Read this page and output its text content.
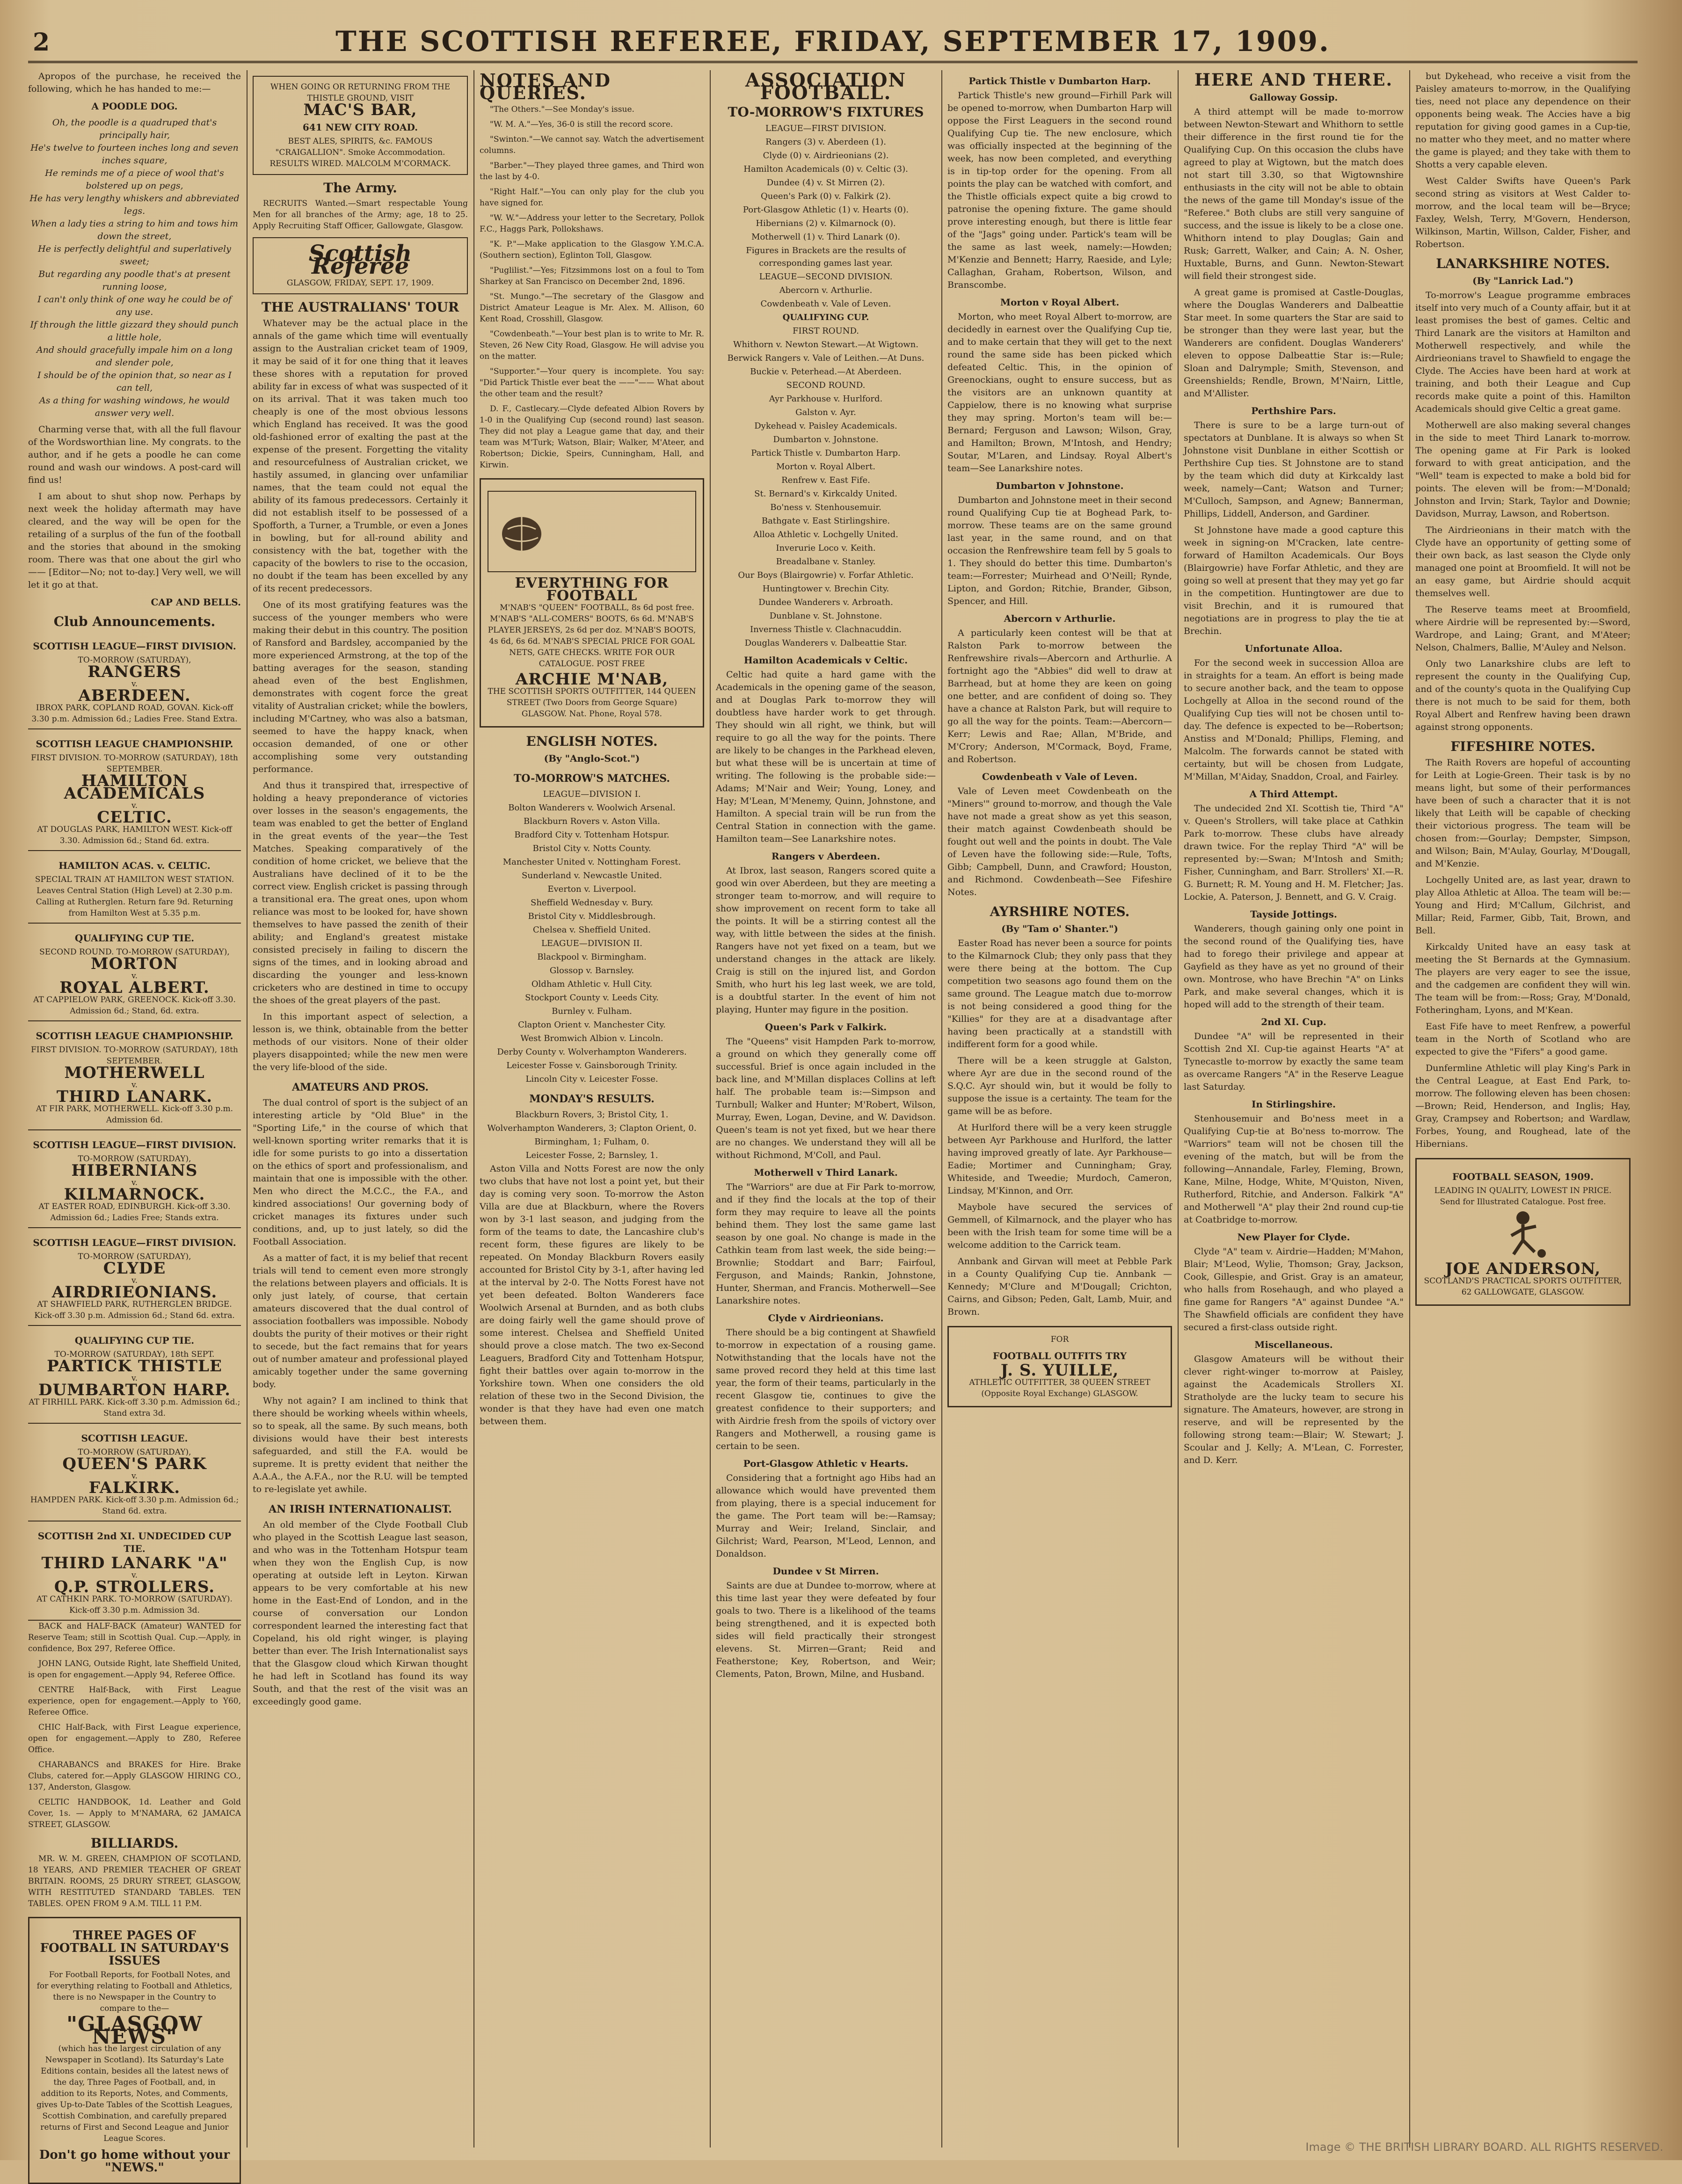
2	THE SCOTTISH REFEREE, FRIDAY, SEPTEMBER 17, 1909.

Apropos of the purchase, he received the following, which he has handed to me:—

A POODLE DOG.
Oh, the poodle is a quadruped that's principally hair,
He's twelve to fourteen inches long and seven inches square,
He reminds me of a piece of wool that's bolstered up on pegs,
He has very lengthy whiskers and abbreviated legs.
When a lady ties a string to him and tows him down the street,
He is perfectly delightful and superlatively sweet;
But regarding any poodle that's at present running loose,
I can't only think of one way he could be of any use.
If through the little gizzard they should punch a little hole,
And should gracefully impale him on a long and slender pole,
I should be of the opinion that, so near as I can tell,
As a thing for washing windows, he would answer very well.

Charming verse that, with all the full flavour of the Wordsworthian line. My congrats. to the author, and if he gets a poodle he can come round and wash our windows. A post-card will find us!

I am about to shut shop now. Perhaps by next week the holiday aftermath may have cleared, and the way will be open for the retailing of a surplus of the fun of the football and the stories that abound in the smoking room. There was that one about the girl who—— [Editor—No; not to-day.] Very well, we will let it go at that.

CAP AND BELLS.
Club Announcements.
SCOTTISH LEAGUE—FIRST DIVISION.
TO-MORROW (SATURDAY),
RANGERS
v.
ABERDEEN.
IBROX PARK, COPLAND ROAD, GOVAN. Kick-off 3.30 p.m. Admission 6d.; Ladies Free. Stand Extra.
SCOTTISH LEAGUE CHAMPIONSHIP.
FIRST DIVISION. TO-MORROW (SATURDAY), 18th SEPTEMBER.
HAMILTON ACADEMICALS
v.
CELTIC.
AT DOUGLAS PARK, HAMILTON WEST. Kick-off 3.30. Admission 6d.; Stand 6d. extra.
HAMILTON ACAS. v. CELTIC.
SPECIAL TRAIN AT HAMILTON WEST STATION.
Leaves Central Station (High Level) at 2.30 p.m. Calling at Rutherglen. Return fare 9d. Returning from Hamilton West at 5.35 p.m.
QUALIFYING CUP TIE.
SECOND ROUND. TO-MORROW (SATURDAY),
MORTON
v.
ROYAL ALBERT.
AT CAPPIELOW PARK, GREENOCK. Kick-off 3.30. Admission 6d.; Stand, 6d. extra.
SCOTTISH LEAGUE CHAMPIONSHIP.
FIRST DIVISION. TO-MORROW (SATURDAY), 18th SEPTEMBER.
MOTHERWELL
v.
THIRD LANARK.
AT FIR PARK, MOTHERWELL. Kick-off 3.30 p.m. Admission 6d.
SCOTTISH LEAGUE—FIRST DIVISION.
TO-MORROW (SATURDAY),
HIBERNIANS
v.
KILMARNOCK.
AT EASTER ROAD, EDINBURGH. Kick-off 3.30. Admission 6d.; Ladies Free; Stands extra.
SCOTTISH LEAGUE—FIRST DIVISION.
TO-MORROW (SATURDAY),
CLYDE
v.
AIRDRIEONIANS.
AT SHAWFIELD PARK, RUTHERGLEN BRIDGE. Kick-off 3.30 p.m. Admission 6d.; Stand 6d. extra.
QUALIFYING CUP TIE.
TO-MORROW (SATURDAY), 18th SEPT.
PARTICK THISTLE
v.
DUMBARTON HARP.
AT FIRHILL PARK. Kick-off 3.30 p.m. Admission 6d.; Stand extra 3d.
SCOTTISH LEAGUE.
TO-MORROW (SATURDAY),
QUEEN'S PARK
v.
FALKIRK.
HAMPDEN PARK. Kick-off 3.30 p.m. Admission 6d.; Stand 6d. extra.
SCOTTISH 2nd XI. UNDECIDED CUP TIE.
THIRD LANARK "A"
v.
Q.P. STROLLERS.
AT CATHKIN PARK. TO-MORROW (SATURDAY). Kick-off 3.30 p.m. Admission 3d.

BACK and HALF-BACK (Amateur) WANTED for Reserve Team; still in Scottish Qual. Cup.—Apply, in confidence, Box 297, Referee Office.

JOHN LANG, Outside Right, late Sheffield United, is open for engagement.—Apply 94, Referee Office.

CENTRE Half-Back, with First League experience, open for engagement.—Apply to Y60, Referee Office.

CHIC Half-Back, with First League experience, open for engagement.—Apply to Z80, Referee Office.

CHARABANCS and BRAKES for Hire. Brake Clubs, catered for.—Apply GLASGOW HIRING CO., 137, Anderston, Glasgow.

CELTIC HANDBOOK, 1d. Leather and Gold Cover, 1s. — Apply to M'NAMARA, 62 JAMAICA STREET, GLASGOW.

BILLIARDS.

MR. W. M. GREEN, CHAMPION OF SCOTLAND, 18 YEARS, AND PREMIER TEACHER OF GREAT BRITAIN. ROOMS, 25 DRURY STREET, GLASGOW, WITH RESTITUTED STANDARD TABLES. TEN TABLES. OPEN FROM 9 A.M. TILL 11 P.M.

THREE PAGES OF FOOTBALL IN SATURDAY'S ISSUES

For Football Reports, for Football Notes, and for everything relating to Football and Athletics, there is no Newspaper in the Country to compare to the—

"GLASGOW NEWS"

(which has the largest circulation of any Newspaper in Scotland). Its Saturday's Late Editions contain, besides all the latest news of the day, Three Pages of Football, and, in addition to its Reports, Notes, and Comments, gives Up-to-Date Tables of the Scottish Leagues, Scottish Combination, and carefully prepared returns of First and Second League and Junior League Scores.

Don't go home without your "NEWS."
WHEN GOING OR RETURNING FROM THE THISTLE GROUND, VISIT
MAC'S BAR,
641 NEW CITY ROAD.
BEST ALES, SPIRITS, &c. FAMOUS "CRAIGALLION". Smoke Accommodation. RESULTS WIRED. MALCOLM M'CORMACK.
The Army.

RECRUITS Wanted.—Smart respectable Young Men for all branches of the Army; age, 18 to 25. Apply Recruiting Staff Officer, Gallowgate, Glasgow.

Scottish Referee
GLASGOW, FRIDAY, SEPT. 17, 1909.
THE AUSTRALIANS' TOUR

Whatever may be the actual place in the annals of the game which time will eventually assign to the Australian cricket team of 1909, it may be said of it for one thing that it leaves these shores with a reputation for proved ability far in excess of what was suspected of it on its arrival. That it was taken much too cheaply is one of the most obvious lessons which England has received. It was the good old-fashioned error of exalting the past at the expense of the present. Forgetting the vitality and resourcefulness of Australian cricket, we hastily assumed, in glancing over unfamiliar names, that the team could not equal the ability of its famous predecessors. Certainly it did not establish itself to be possessed of a Spofforth, a Turner, a Trumble, or even a Jones in bowling, but for all-round ability and consistency with the bat, together with the capacity of the bowlers to rise to the occasion, no doubt if the team has been excelled by any of its recent predecessors.

One of its most gratifying features was the success of the younger members who were making their debut in this country. The position of Ransford and Bardsley, accompanied by the more experienced Armstrong, at the top of the batting averages for the season, standing ahead even of the best Englishmen, demonstrates with cogent force the great vitality of Australian cricket; while the bowlers, including M'Cartney, who was also a batsman, seemed to have the happy knack, when occasion demanded, of one or other accomplishing some very outstanding performance.

And thus it transpired that, irrespective of holding a heavy preponderance of victories over losses in the season's engagements, the team was enabled to get the better of England in the great events of the year—the Test Matches. Speaking comparatively of the condition of home cricket, we believe that the Australians have declined of it to be the correct view. English cricket is passing through a transitional era. The great ones, upon whom reliance was most to be looked for, have shown themselves to have passed the zenith of their ability; and England's greatest mistake consisted precisely in failing to discern the signs of the times, and in looking abroad and discarding the younger and less-known cricketers who are destined in time to occupy the shoes of the great players of the past.

In this important aspect of selection, a lesson is, we think, obtainable from the better methods of our visitors. None of their older players disappointed; while the new men were the very life-blood of the side.

AMATEURS AND PROS.

The dual control of sport is the subject of an interesting article by "Old Blue" in the "Sporting Life," in the course of which that well-known sporting writer remarks that it is idle for some purists to go into a dissertation on the ethics of sport and professionalism, and maintain that one is impossible with the other. Men who direct the M.C.C., the F.A., and kindred associations! Our governing body of cricket manages its fixtures under such conditions, and, up to just lately, so did the Football Association.

As a matter of fact, it is my belief that recent trials will tend to cement even more strongly the relations between players and officials. It is only just lately, of course, that certain amateurs discovered that the dual control of association footballers was impossible. Nobody doubts the purity of their motives or their right to secede, but the fact remains that for years out of number amateur and professional played amicably together under the same governing body.

Why not again? I am inclined to think that there should be working wheels within wheels, so to speak, all the same. By such means, both divisions would have their best interests safeguarded, and still the F.A. would be supreme. It is pretty evident that neither the A.A.A., the A.F.A., nor the R.U. will be tempted to re-legislate yet awhile.

AN IRISH INTERNATIONALIST.

An old member of the Clyde Football Club who played in the Scottish League last season, and who was in the Tottenham Hotspur team when they won the English Cup, is now operating at outside left in Leyton. Kirwan appears to be very comfortable at his new home in the East-End of London, and in the course of conversation our London correspondent learned the interesting fact that Copeland, his old right winger, is playing better than ever. The Irish Internationalist says that the Glasgow cloud which Kirwan thought he had left in Scotland has found its way South, and that the rest of the visit was an exceedingly good game.

NOTES AND QUERIES.

"The Others."—See Monday's issue.

"W. M. A."—Yes, 36-0 is still the record score.

"Swinton."—We cannot say. Watch the advertisement columns.

"Barber."—They played three games, and Third won the last by 4-0.

"Right Half."—You can only play for the club you have signed for.

"W. W."—Address your letter to the Secretary, Pollok F.C., Haggs Park, Pollokshaws.

"K. P."—Make application to the Glasgow Y.M.C.A. (Southern section), Eglinton Toll, Glasgow.

"Puglilist."—Yes; Fitzsimmons lost on a foul to Tom Sharkey at San Francisco on December 2nd, 1896.

"St. Mungo."—The secretary of the Glasgow and District Amateur League is Mr. Alex. M. Allison, 60 Kent Road, Crosshill, Glasgow.

"Cowdenbeath."—Your best plan is to write to Mr. R. Steven, 26 New City Road, Glasgow. He will advise you on the matter.

"Supporter."—Your query is incomplete. You say: "Did Partick Thistle ever beat the ——"—— What about the other team and the result?

D. F., Castlecary.—Clyde defeated Albion Rovers by 1-0 in the Qualifying Cup (second round) last season. They did not play a League game that day, and their team was M'Turk; Watson, Blair; Walker, M'Ateer, and Robertson; Dickie, Speirs, Cunningham, Hall, and Kirwin.

EVERYTHING FOR FOOTBALL

M'NAB'S "QUEEN" FOOTBALL, 8s 6d post free. M'NAB'S "ALL-COMERS" BOOTS, 6s 6d. M'NAB'S PLAYER JERSEYS, 2s 6d per doz. M'NAB'S BOOTS, 4s 6d, 6s 6d. M'NAB'S SPECIAL PRICE FOR GOAL NETS, GATE CHECKS. WRITE FOR OUR CATALOGUE. POST FREE

ARCHIE M'NAB,
THE SCOTTISH SPORTS OUTFITTER, 144 QUEEN STREET (Two Doors from George Square) GLASGOW. Nat. Phone, Royal 578.
ENGLISH NOTES.
(By "Anglo-Scot.")
TO-MORROW'S MATCHES.
LEAGUE—DIVISION I.
Bolton Wanderers v. Woolwich Arsenal.
Blackburn Rovers v. Aston Villa.
Bradford City v. Tottenham Hotspur.
Bristol City v. Notts County.
Manchester United v. Nottingham Forest.
Sunderland v. Newcastle United.
Everton v. Liverpool.
Sheffield Wednesday v. Bury.
Bristol City v. Middlesbrough.
Chelsea v. Sheffield United.
LEAGUE—DIVISION II.
Blackpool v. Birmingham.
Glossop v. Barnsley.
Oldham Athletic v. Hull City.
Stockport County v. Leeds City.
Burnley v. Fulham.
Clapton Orient v. Manchester City.
West Bromwich Albion v. Lincoln.
Derby County v. Wolverhampton Wanderers.
Leicester Fosse v. Gainsborough Trinity.
Lincoln City v. Leicester Fosse.
MONDAY'S RESULTS.
Blackburn Rovers, 3; Bristol City, 1.
Wolverhampton Wanderers, 3; Clapton Orient, 0.
Birmingham, 1; Fulham, 0.
Leicester Fosse, 2; Barnsley, 1.

Aston Villa and Notts Forest are now the only two clubs that have not lost a point yet, but their day is coming very soon. To-morrow the Aston Villa are due at Blackburn, where the Rovers won by 3-1 last season, and judging from the form of the teams to date, the Lancashire club's recent form, these figures are likely to be repeated. On Monday Blackburn Rovers easily accounted for Bristol City by 3-1, after having led at the interval by 2-0. The Notts Forest have not yet been defeated. Bolton Wanderers face Woolwich Arsenal at Burnden, and as both clubs are doing fairly well the game should prove of some interest. Chelsea and Sheffield United should prove a close match. The two ex-Second Leaguers, Bradford City and Tottenham Hotspur, fight their battles over again to-morrow in the Yorkshire town. When one considers the old relation of these two in the Second Division, the wonder is that they have had even one match between them.

ASSOCIATION FOOTBALL.
TO-MORROW'S FIXTURES
LEAGUE—FIRST DIVISION.
Rangers (3) v. Aberdeen (1).
Clyde (0) v. Airdrieonians (2).
Hamilton Academicals (0) v. Celtic (3).
Dundee (4) v. St Mirren (2).
Queen's Park (0) v. Falkirk (2).
Port-Glasgow Athletic (1) v. Hearts (0).
Hibernians (2) v. Kilmarnock (0).
Motherwell (1) v. Third Lanark (0).
Figures in Brackets are the results of corresponding games last year.
LEAGUE—SECOND DIVISION.
Abercorn v. Arthurlie.
Cowdenbeath v. Vale of Leven.
QUALIFYING CUP.
FIRST ROUND.
Whithorn v. Newton Stewart.—At Wigtown.
Berwick Rangers v. Vale of Leithen.—At Duns.
Buckie v. Peterhead.—At Aberdeen.
SECOND ROUND.
Ayr Parkhouse v. Hurlford.
Galston v. Ayr.
Dykehead v. Paisley Academicals.
Dumbarton v. Johnstone.
Partick Thistle v. Dumbarton Harp.
Morton v. Royal Albert.
Renfrew v. East Fife.
St. Bernard's v. Kirkcaldy United.
Bo'ness v. Stenhousemuir.
Bathgate v. East Stirlingshire.
Alloa Athletic v. Lochgelly United.
Inverurie Loco v. Keith.
Breadalbane v. Stanley.
Our Boys (Blairgowrie) v. Forfar Athletic.
Huntingtower v. Brechin City.
Dundee Wanderers v. Arbroath.
Dunblane v. St. Johnstone.
Inverness Thistle v. Clachnacuddin.
Douglas Wanderers v. Dalbeattie Star.
Hamilton Academicals v Celtic.

Celtic had quite a hard game with the Academicals in the opening game of the season, and at Douglas Park to-morrow they will doubtless have harder work to get through. They should win all right, we think, but will require to go all the way for the points. There are likely to be changes in the Parkhead eleven, but what these will be is uncertain at time of writing. The following is the probable side:—Adams; M'Nair and Weir; Young, Loney, and Hay; M'Lean, M'Menemy, Quinn, Johnstone, and Hamilton. A special train will be run from the Central Station in connection with the game. Hamilton team—See Lanarkshire notes.

Rangers v Aberdeen.

At Ibrox, last season, Rangers scored quite a good win over Aberdeen, but they are meeting a stronger team to-morrow, and will require to show improvement on recent form to take all the points. It will be a stirring contest all the way, with little between the sides at the finish. Rangers have not yet fixed on a team, but we understand changes in the attack are likely. Craig is still on the injured list, and Gordon Smith, who hurt his leg last week, we are told, is a doubtful starter. In the event of him not playing, Hunter may figure in the position.

Queen's Park v Falkirk.

The "Queens" visit Hampden Park to-morrow, a ground on which they generally come off successful. Brief is once again included in the back line, and M'Millan displaces Collins at left half. The probable team is:—Simpson and Turnbull; Walker and Hunter; M'Robert, Wilson, Murray, Ewen, Logan, Devine, and W. Davidson. Queen's team is not yet fixed, but we hear there are no changes. We understand they will all be without Richmond, M'Coll, and Paul.

Motherwell v Third Lanark.

The "Warriors" are due at Fir Park to-morrow, and if they find the locals at the top of their form they may require to leave all the points behind them. They lost the same game last season by one goal. No change is made in the Cathkin team from last week, the side being:—Brownlie; Stoddart and Barr; Fairfoul, Ferguson, and Mainds; Rankin, Johnstone, Hunter, Sherman, and Francis. Motherwell—See Lanarkshire notes.

Clyde v Airdrieonians.

There should be a big contingent at Shawfield to-morrow in expectation of a rousing game. Notwithstanding that the locals have not the same proved record they held at this time last year, the form of their teams, particularly in the recent Glasgow tie, continues to give the greatest confidence to their supporters; and with Airdrie fresh from the spoils of victory over Rangers and Motherwell, a rousing game is certain to be seen.

Port-Glasgow Athletic v Hearts.

Considering that a fortnight ago Hibs had an allowance which would have prevented them from playing, there is a special inducement for the game. The Port team will be:—Ramsay; Murray and Weir; Ireland, Sinclair, and Gilchrist; Ward, Pearson, M'Leod, Lennon, and Donaldson.

Dundee v St Mirren.

Saints are due at Dundee to-morrow, where at this time last year they were defeated by four goals to two. There is a likelihood of the teams being strengthened, and it is expected both sides will field practically their strongest elevens. St. Mirren—Grant; Reid and Featherstone; Key, Robertson, and Weir; Clements, Paton, Brown, Milne, and Husband.

Partick Thistle v Dumbarton Harp.

Partick Thistle's new ground—Firhill Park will be opened to-morrow, when Dumbarton Harp will oppose the First Leaguers in the second round Qualifying Cup tie. The new enclosure, which was officially inspected at the beginning of the week, has now been completed, and everything is in tip-top order for the opening. From all points the play can be watched with comfort, and the Thistle officials expect quite a big crowd to patronise the opening fixture. The game should prove interesting enough, but there is little fear of the "Jags" going under. Partick's team will be the same as last week, namely:—Howden; M'Kenzie and Bennett; Harry, Raeside, and Lyle; Callaghan, Graham, Robertson, Wilson, and Branscombe.

Morton v Royal Albert.

Morton, who meet Royal Albert to-morrow, are decidedly in earnest over the Qualifying Cup tie, and to make certain that they will get to the next round the same side has been picked which defeated Celtic. This, in the opinion of Greenockians, ought to ensure success, but as the visitors are an unknown quantity at Cappielow, there is no knowing what surprise they may spring. Morton's team will be:—Bernard; Ferguson and Lawson; Wilson, Gray, and Hamilton; Brown, M'Intosh, and Hendry; Soutar, M'Laren, and Lindsay. Royal Albert's team—See Lanarkshire notes.

Dumbarton v Johnstone.

Dumbarton and Johnstone meet in their second round Qualifying Cup tie at Boghead Park, to-morrow. These teams are on the same ground last year, in the same round, and on that occasion the Renfrewshire team fell by 5 goals to 1. They should do better this time. Dumbarton's team:—Forrester; Muirhead and O'Neill; Rynde, Lipton, and Gordon; Ritchie, Brander, Gibson, Spencer, and Hill.

Abercorn v Arthurlie.

A particularly keen contest will be that at Ralston Park to-morrow between the Renfrewshire rivals—Abercorn and Arthurlie. A fortnight ago the "Abbies" did well to draw at Barrhead, but at home they are keen on going one better, and are confident of doing so. They have a chance at Ralston Park, but will require to go all the way for the points. Team:—Abercorn—Kerr; Lewis and Rae; Allan, M'Bride, and M'Crory; Anderson, M'Cormack, Boyd, Frame, and Robertson.

Cowdenbeath v Vale of Leven.

Vale of Leven meet Cowdenbeath on the "Miners'" ground to-morrow, and though the Vale have not made a great show as yet this season, their match against Cowdenbeath should be fought out well and the points in doubt. The Vale of Leven have the following side:—Rule, Tofts, Gibb; Campbell, Dunn, and Crawford; Houston, and Richmond. Cowdenbeath—See Fifeshire Notes.

AYRSHIRE NOTES.
(By "Tam o' Shanter.")

Easter Road has never been a source for points to the Kilmarnock Club; they only pass that they were there being at the bottom. The Cup competition two seasons ago found them on the same ground. The League match due to-morrow is not being considered a good thing for the "Killies" for they are at a disadvantage after having been practically at a standstill with indifferent form for a good while.

There will be a keen struggle at Galston, where Ayr are due in the second round of the S.Q.C. Ayr should win, but it would be folly to suppose the issue is a certainty. The team for the game will be as before.

At Hurlford there will be a very keen struggle between Ayr Parkhouse and Hurlford, the latter having improved greatly of late. Ayr Parkhouse—Eadie; Mortimer and Cunningham; Gray, Whiteside, and Tweedie; Murdoch, Cameron, Lindsay, M'Kinnon, and Orr.

Maybole have secured the services of Gemmell, of Kilmarnock, and the player who has been with the Irish team for some time will be a welcome addition to the Carrick team.

Annbank and Girvan will meet at Pebble Park in a County Qualifying Cup tie. Annbank — Kennedy; M'Clure and M'Dougall; Crichton, Cairns, and Gibson; Peden, Galt, Lamb, Muir, and Brown.

FOR
FOOTBALL OUTFITS TRY
J. S. YUILLE,
ATHLETIC OUTFITTER, 38 QUEEN STREET (Opposite Royal Exchange) GLASGOW.
HERE AND THERE.
Galloway Gossip.

A third attempt will be made to-morrow between Newton-Stewart and Whithorn to settle their difference in the first round tie for the Qualifying Cup. On this occasion the clubs have agreed to play at Wigtown, but the match does not start till 3.30, so that Wigtownshire enthusiasts in the city will not be able to obtain the news of the game till Monday's issue of the "Referee." Both clubs are still very sanguine of success, and the issue is likely to be a close one. Whithorn intend to play Douglas; Gain and Rusk; Garrett, Walker, and Cain; A. N. Osher, Huxtable, Burns, and Gunn. Newton-Stewart will field their strongest side.

A great game is promised at Castle-Douglas, where the Douglas Wanderers and Dalbeattie Star meet. In some quarters the Star are said to be stronger than they were last year, but the Wanderers are confident. Douglas Wanderers' eleven to oppose Dalbeattie Star is:—Rule; Sloan and Dalrymple; Smith, Stevenson, and Greenshields; Rendle, Brown, M'Nairn, Little, and M'Allister.

Perthshire Pars.

There is sure to be a large turn-out of spectators at Dunblane. It is always so when St Johnstone visit Dunblane in either Scottish or Perthshire Cup ties. St Johnstone are to stand by the team which did duty at Kirkcaldy last week, namely—Cant; Watson and Turner; M'Culloch, Sampson, and Agnew; Bannerman, Phillips, Liddell, Anderson, and Gardiner.

St Johnstone have made a good capture this week in signing-on M'Cracken, late centre-forward of Hamilton Academicals. Our Boys (Blairgowrie) have Forfar Athletic, and they are going so well at present that they may yet go far in the competition. Huntingtower are due to visit Brechin, and it is rumoured that negotiations are in progress to play the tie at Brechin.

Unfortunate Alloa.

For the second week in succession Alloa are in straights for a team. An effort is being made to secure another back, and the team to oppose Lochgelly at Alloa in the second round of the Qualifying Cup ties will not be chosen until to-day. The defence is expected to be—Robertson; Anstiss and M'Donald; Phillips, Fleming, and Malcolm. The forwards cannot be stated with certainty, but will be chosen from Ludgate, M'Millan, M'Aiday, Snaddon, Croal, and Fairley.

A Third Attempt.

The undecided 2nd XI. Scottish tie, Third "A" v. Queen's Strollers, will take place at Cathkin Park to-morrow. These clubs have already drawn twice. For the replay Third "A" will be represented by:—Swan; M'Intosh and Smith; Fisher, Cunningham, and Barr. Strollers' XI.—R. G. Burnett; R. M. Young and H. M. Fletcher; Jas. Lockie, A. Paterson, J. Bennett, and G. V. Craig.

Tayside Jottings.

Wanderers, though gaining only one point in the second round of the Qualifying ties, have had to forego their privilege and appear at Gayfield as they have as yet no ground of their own. Montrose, who have Brechin "A" on Links Park, and make several changes, which it is hoped will add to the strength of their team.

2nd XI. Cup.

Dundee "A" will be represented in their Scottish 2nd XI. Cup-tie against Hearts "A" at Tynecastle to-morrow by exactly the same team as overcame Rangers "A" in the Reserve League last Saturday.

In Stirlingshire.

Stenhousemuir and Bo'ness meet in a Qualifying Cup-tie at Bo'ness to-morrow. The "Warriors" team will not be chosen till the evening of the match, but will be from the following—Annandale, Farley, Fleming, Brown, Kane, Milne, Hodge, White, M'Quiston, Niven, Rutherford, Ritchie, and Anderson. Falkirk "A" and Motherwell "A" play their 2nd round cup-tie at Coatbridge to-morrow.

New Player for Clyde.

Clyde "A" team v. Airdrie—Hadden; M'Mahon, Blair; M'Leod, Wylie, Thomson; Gray, Jackson, Cook, Gillespie, and Grist. Gray is an amateur, who halls from Rosehaugh, and who played a fine game for Rangers "A" against Dundee "A." The Shawfield officials are confident they have secured a first-class outside right.

Miscellaneous.

Glasgow Amateurs will be without their clever right-winger to-morrow at Paisley, against the Academicals Strollers XI. Stratholyde are the lucky team to secure his signature. The Amateurs, however, are strong in reserve, and will be represented by the following strong team:—Blair; W. Stewart; J. Scoular and J. Kelly; A. M'Lean, C. Forrester, and D. Kerr.

but Dykehead, who receive a visit from the Paisley amateurs to-morrow, in the Qualifying ties, need not place any dependence on their opponents being weak. The Accies have a big reputation for giving good games in a Cup-tie, no matter who they meet, and no matter where the game is played; and they take with them to Shotts a very capable eleven.

West Calder Swifts have Queen's Park second string as visitors at West Calder to-morrow, and the local team will be—Bryce; Faxley, Welsh, Terry, M'Govern, Henderson, Wilkinson, Martin, Willson, Calder, Fisher, and Robertson.

LANARKSHIRE NOTES.
(By "Lanrick Lad.")

To-morrow's League programme embraces itself into very much of a County affair, but it at least promises the best of games. Celtic and Third Lanark are the visitors at Hamilton and Motherwell respectively, and while the Airdrieonians travel to Shawfield to engage the Clyde. The Accies have been hard at work at training, and both their League and Cup records make quite a point of this. Hamilton Academicals should give Celtic a great game.

Motherwell are also making several changes in the side to meet Third Lanark to-morrow. The opening game at Fir Park is looked forward to with great anticipation, and the "Well" team is expected to make a bold bid for points. The eleven will be from:—M'Donald; Johnston and Irvin; Stark, Taylor and Downie; Davidson, Murray, Lawson, and Robertson.

The Airdrieonians in their match with the Clyde have an opportunity of getting some of their own back, as last season the Clyde only managed one point at Broomfield. It will not be an easy game, but Airdrie should acquit themselves well.

The Reserve teams meet at Broomfield, where Airdrie will be represented by:—Sword, Wardrope, and Laing; Grant, and M'Ateer; Nelson, Chalmers, Ballie, M'Auley and Nelson.

Only two Lanarkshire clubs are left to represent the county in the Qualifying Cup, and of the county's quota in the Qualifying Cup there is not much to be said for them, both Royal Albert and Renfrew having been drawn against strong opponents.

FIFESHIRE NOTES.

The Raith Rovers are hopeful of accounting for Leith at Logie-Green. Their task is by no means light, but some of their performances have been of such a character that it is not likely that Leith will be capable of checking their victorious progress. The team will be chosen from:—Gourlay; Dempster, Simpson, and Wilson; Bain, M'Aulay, Gourlay, M'Dougall, and M'Kenzie.

Lochgelly United are, as last year, drawn to play Alloa Athletic at Alloa. The team will be:—Young and Hird; M'Callum, Gilchrist, and Millar; Reid, Farmer, Gibb, Tait, Brown, and Bell.

Kirkcaldy United have an easy task at meeting the St Bernards at the Gymnasium. The players are very eager to see the issue, and the cadgemen are confident they will win. The team will be from:—Ross; Gray, M'Donald, Fotheringham, Lyons, and M'Kean.

East Fife have to meet Renfrew, a powerful team in the North of Scotland who are expected to give the "Fifers" a good game.

Dunfermline Athletic will play King's Park in the Central League, at East End Park, to-morrow. The following eleven has been chosen:—Brown; Reid, Henderson, and Inglis; Hay, Gray, Crampsey and Robertson; and Wardlaw, Forbes, Young, and Roughead, late of the Hibernians.

FOOTBALL SEASON, 1909.
LEADING IN QUALITY, LOWEST IN PRICE. Send for Illustrated Catalogue. Post free.
JOE ANDERSON,
SCOTLAND'S PRACTICAL SPORTS OUTFITTER, 62 GALLOWGATE, GLASGOW.
Image © THE BRITISH LIBRARY BOARD. ALL RIGHTS RESERVED.
